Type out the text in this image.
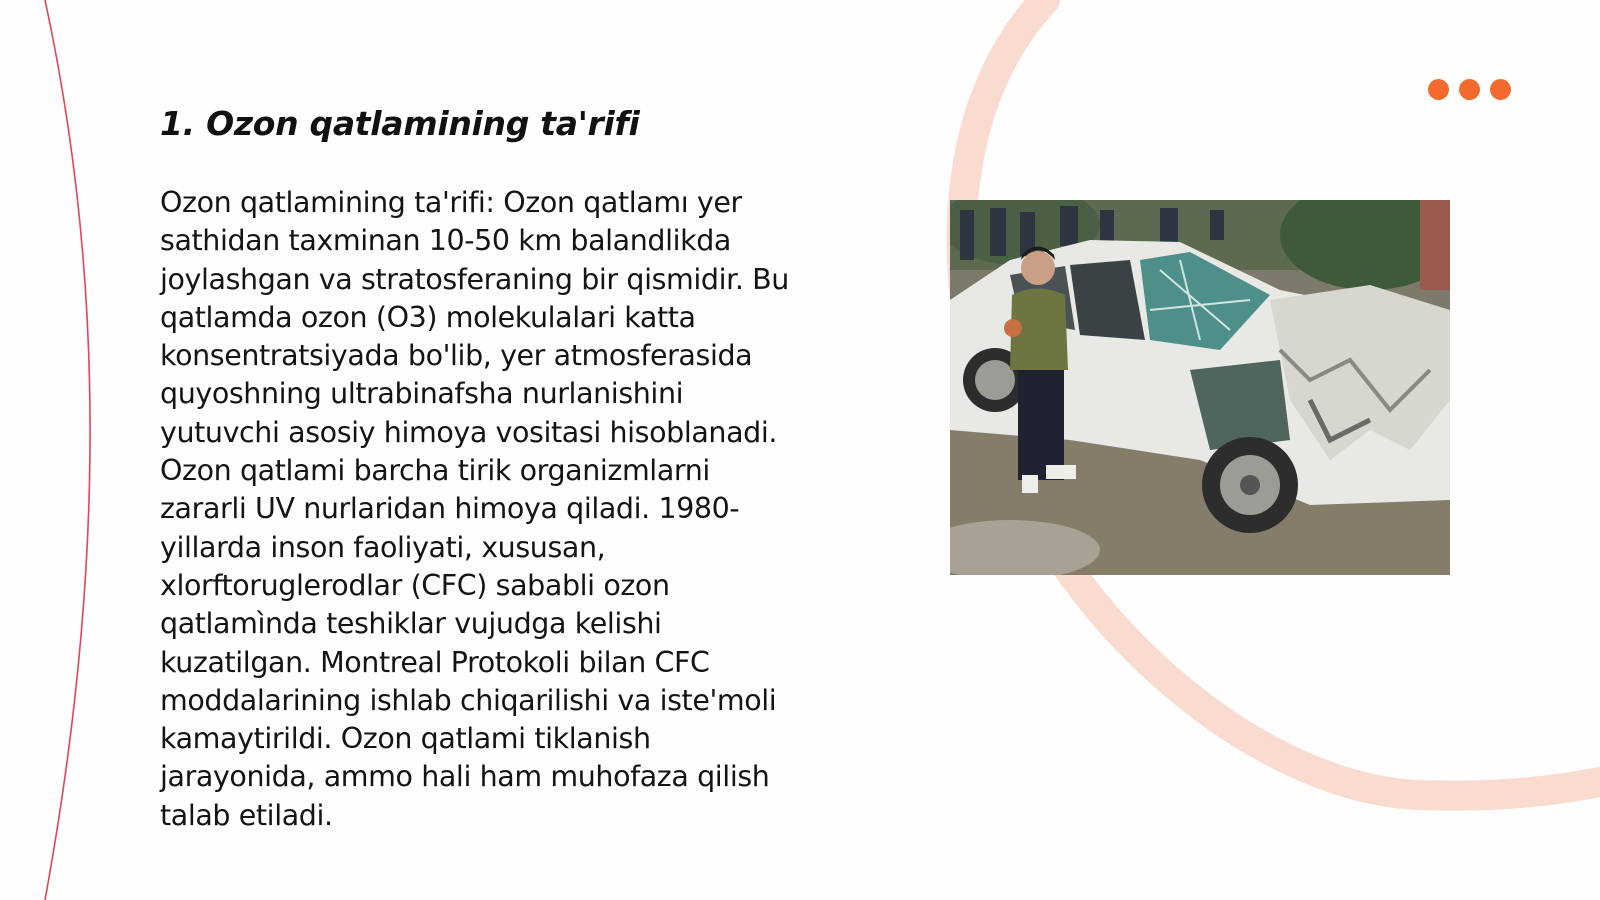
1. Ozon qatlamining ta'rifi

Ozon qatlamining ta'rifi: Ozon qatlamı yer
sathidan taxminan 10-50 km balandlikda
joylashgan va stratosferaning bir qismidir. Bu
qatlamda ozon (O3) molekulalari katta
konsentratsiyada bo'lib, yer atmosferasida
quyoshning ultrabinafsha nurlanishini
yutuvchi asosiy himoya vositasi hisoblanadi.
Ozon qatlami barcha tirik organizmlarni
zararli UV nurlaridan himoya qiladi. 1980-
yillarda inson faoliyati, xususan,
xlorftoruglerodlar (CFC) sababli ozon
qatlamìnda teshiklar vujudga kelishi
kuzatilgan. Montreal Protokoli bilan CFC
moddalarining ishlab chiqarilishi va iste'moli
kamaytirildi. Ozon qatlami tiklanish
jarayonida, ammo hali ham muhofaza qilish
talab etiladi.
